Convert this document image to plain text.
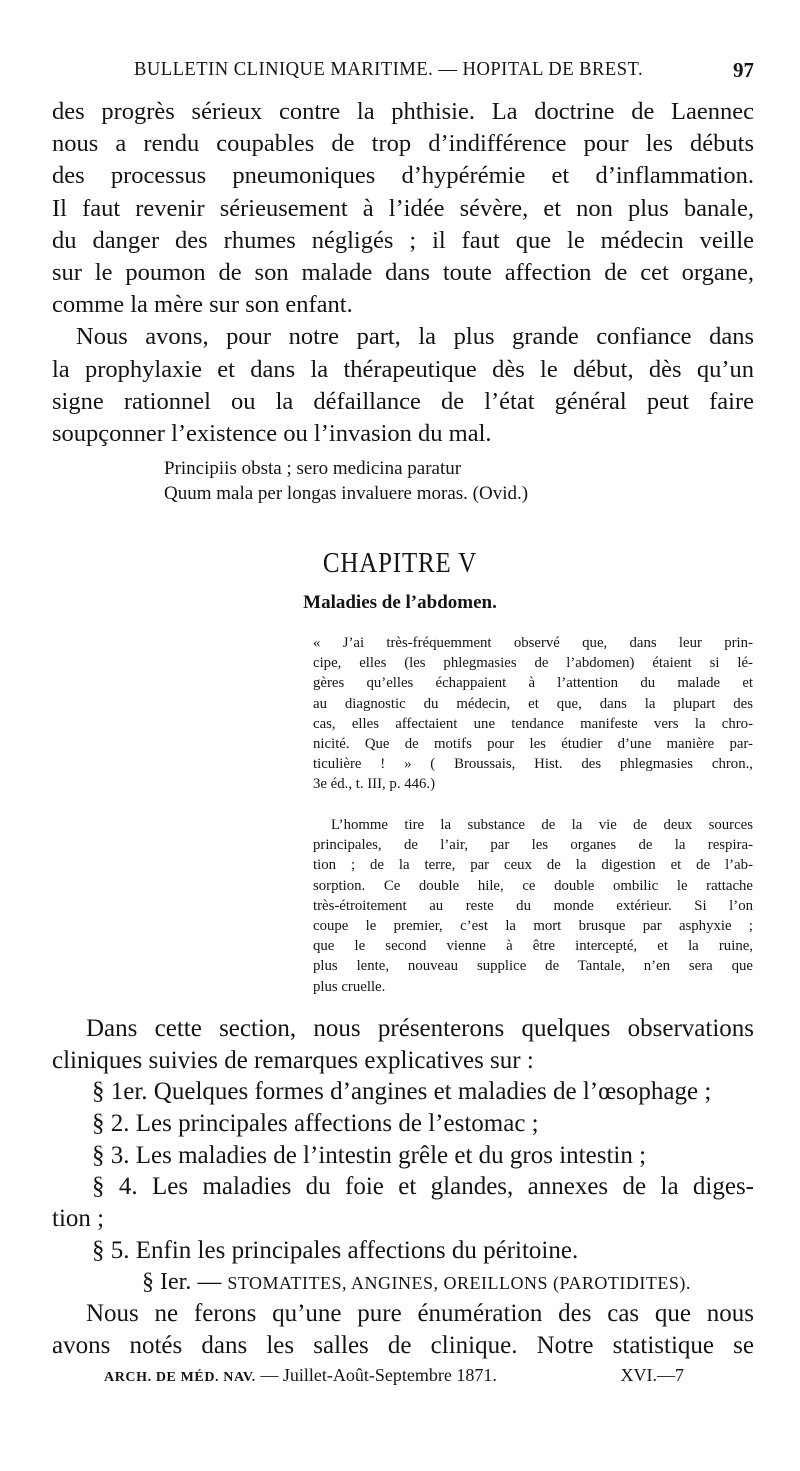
BULLETIN CLINIQUE MARITIME. — HOPITAL DE BREST.	97
des progrès sérieux contre la phthisie. La doctrine de Laennec
nous a rendu coupables de trop d’indifférence pour les débuts
des processus pneumoniques d’hypérémie et d’inflammation.
Il faut revenir sérieusement à l’idée sévère, et non plus banale,
du danger des rhumes négligés ; il faut que le médecin veille
sur le poumon de son malade dans toute affection de cet organe,
comme la mère sur son enfant.
Nous avons, pour notre part, la plus grande confiance dans
la prophylaxie et dans la thérapeutique dès le début, dès qu’un
signe rationnel ou la défaillance de l’état général peut faire
soupçonner l’existence ou l’invasion du mal.
Principiis obsta ; sero medicina paratur
Quum mala per longas invaluere moras. (Ovid.)
CHAPITRE V
Maladies de l’abdomen.
« J’ai très-fréquemment observé que, dans leur prin-
cipe, elles (les phlegmasies de l’abdomen) étaient si lé-
gères qu’elles échappaient à l’attention du malade et
au diagnostic du médecin, et que, dans la plupart des
cas, elles affectaient une tendance manifeste vers la chro-
nicité. Que de motifs pour les étudier d’une manière par-
ticulière ! » ( Broussais, Hist. des phlegmasies chron.,
3e éd., t. III, p. 446.)
L’homme tire la substance de la vie de deux sources
principales, de l’air, par les organes de la respira-
tion ; de la terre, par ceux de la digestion et de l’ab-
sorption. Ce double hile, ce double ombilic le rattache
très-étroitement au reste du monde extérieur. Si l’on
coupe le premier, c’est la mort brusque par asphyxie ;
que le second vienne à être intercepté, et la ruine,
plus lente, nouveau supplice de Tantale, n’en sera que
plus cruelle.
Dans cette section, nous présenterons quelques observations
cliniques suivies de remarques explicatives sur :
§ 1er. Quelques formes d’angines et maladies de l’œsophage ;
§ 2. Les principales affections de l’estomac ;
§ 3. Les maladies de l’intestin grêle et du gros intestin ;
§ 4. Les maladies du foie et glandes, annexes de la diges-
tion ;
§ 5. Enfin les principales affections du péritoine.
§ Ier. — STOMATITES, ANGINES, OREILLONS (PAROTIDITES).
Nous ne ferons qu’une pure énumération des cas que nous
avons notés dans les salles de clinique. Notre statistique se
ARCH. DE MÉD. NAV. — Juillet-Août-Septembre 1871.	XVI.—7
